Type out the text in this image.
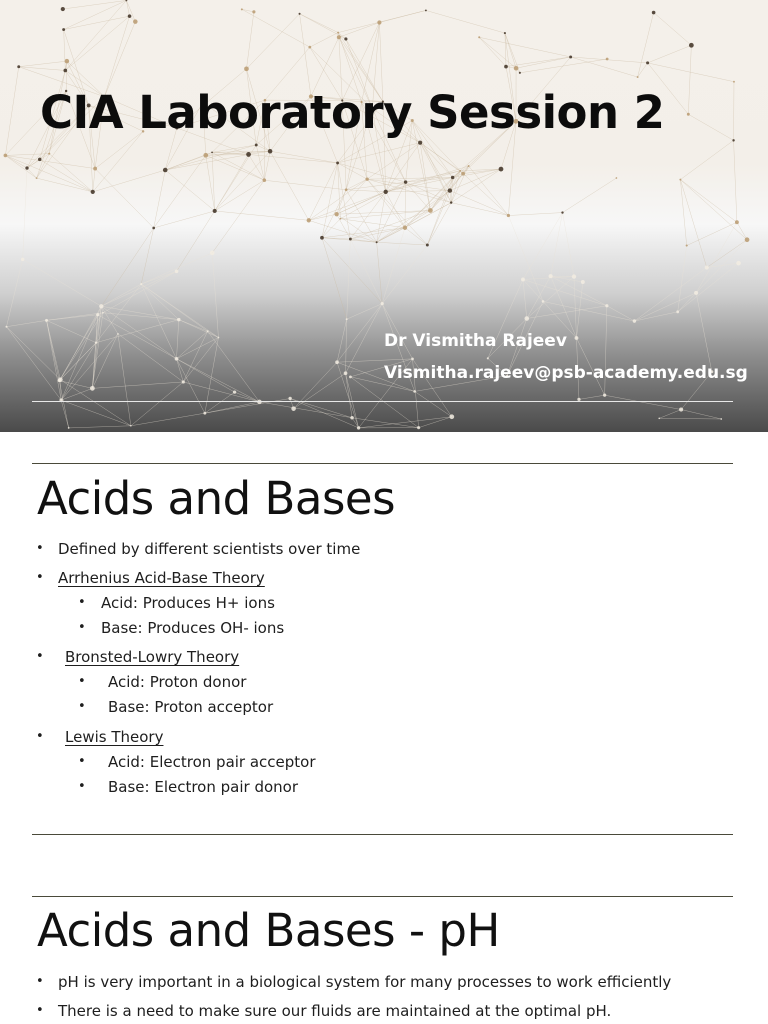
CIA Laboratory Session 2
Dr Vismitha Rajeev
Vismitha.rajeev@psb-academy.edu.sg
Acids and Bases
• Defined by different scientists over time
• Arrhenius Acid-Base Theory
• Acid: Produces H+ ions
• Base: Produces OH- ions
• Bronsted-Lowry Theory
• Acid: Proton donor
• Base: Proton acceptor
• Lewis Theory
• Acid: Electron pair acceptor
• Base: Electron pair donor
Acids and Bases - pH
• pH is very important in a biological system for many processes to work efficiently
• There is a need to make sure our fluids are maintained at the optimal pH.
